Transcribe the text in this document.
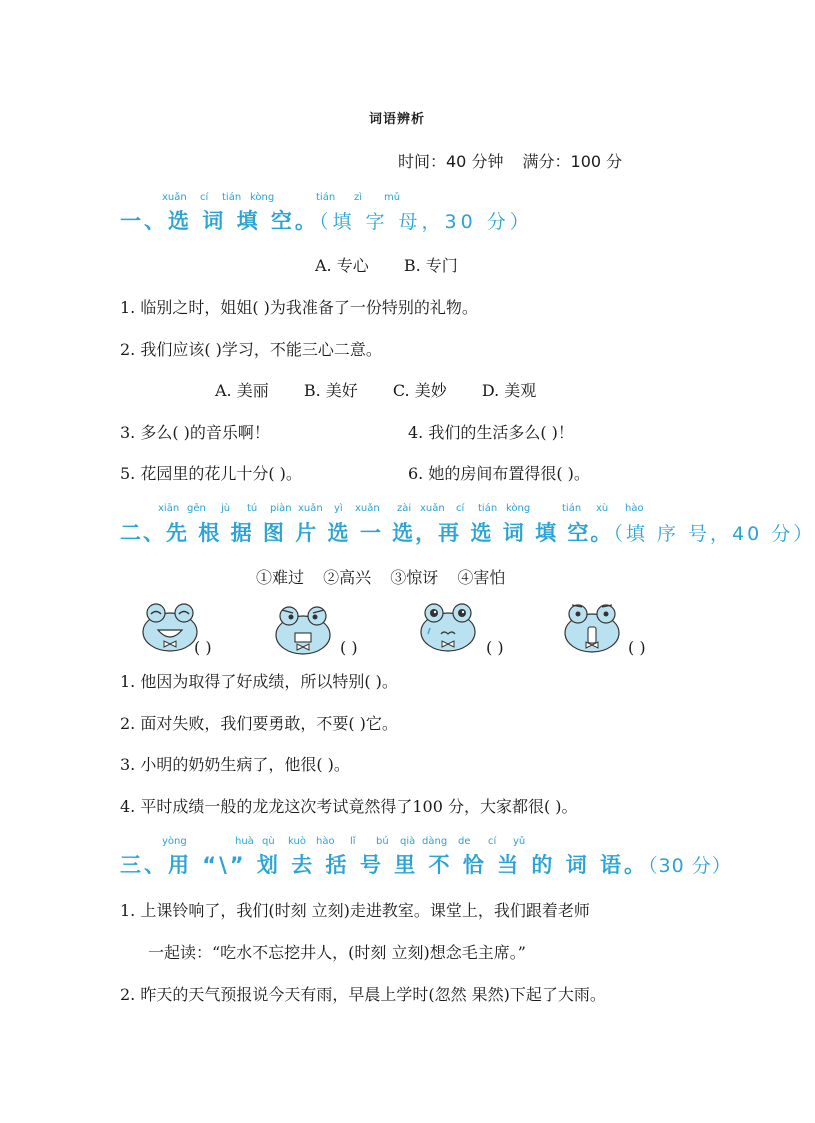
词语辨析
时间：40 分钟 满分：100 分
xuǎn cí tián kòng	tián zì mǔ
一、选 词 填 空。（填 字 母，30 分）
A. 专心 B. 专门
1. 临别之时，姐姐( )为我准备了一份特别的礼物。
2. 我们应该( )学习，不能三心二意。
A. 美丽 B. 美好 C. 美妙 D. 美观
3. 多么( )的音乐啊！	4. 我们的生活多么( )！
5. 花园里的花儿十分( )。	6. 她的房间布置得很( )。
xiān gēn jù tú piàn xuǎn yì xuǎn zài xuǎn cí tián kòng	tián xù hào
二、先 根 据 图 片 选 一 选，再 选 词 填 空。（填 序 号，40 分）
①难过 ②高兴 ③惊讶 ④害怕
( )	( )	( )	( )
1. 他因为取得了好成绩，所以特别( )。
2. 面对失败，我们要勇敢，不要( )它。
3. 小明的奶奶生病了，他很( )。
4. 平时成绩一般的龙龙这次考试竟然得了100 分，大家都很( )。
yòng	huà qù kuò hào lǐ bú qià dàng de cí yǔ
三、用 “\” 划 去 括 号 里 不 恰 当 的 词 语。（30 分）
1. 上课铃响了，我们(时刻 立刻)走进教室。课堂上，我们跟着老师
一起读：“吃水不忘挖井人，(时刻 立刻)想念毛主席。”
2. 昨天的天气预报说今天有雨，早晨上学时(忽然 果然)下起了大雨。
